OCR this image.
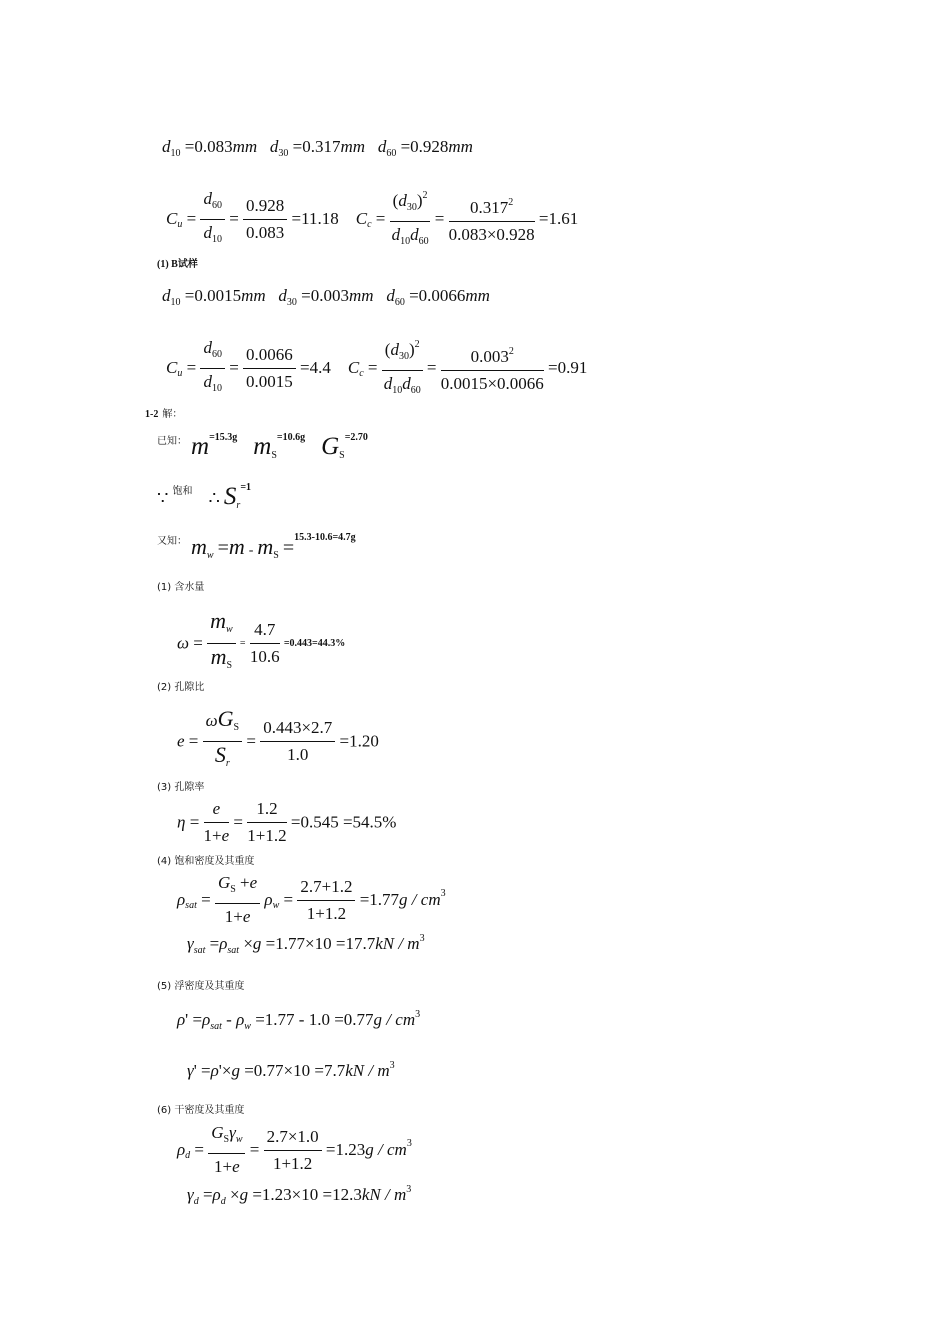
$d_{10} =0.083mm$ $d_{30} =0.317mm$ $d_{60} =0.928mm$
$C_u = \frac{d_{60}}{d_{10}} = \frac{0.928}{0.083} =11.18$ $C_c = \frac{(d_{30})^2}{d_{10}d_{60}} = \frac{0.317^2}{0.083\times 0.928} =1.61$
(1) B试样
$d_{10} =0.0015mm$ $d_{30} =0.003mm$ $d_{60} =0.0066mm$
$C_u = \frac{d_{60}}{d_{10}} = \frac{0.0066}{0.0015} =4.4$ $C_c = \frac{(d_{30})^2}{d_{10}d_{60}} = \frac{0.003^2}{0.0015\times 0.0066} =0.91$
1-2 解：
$^{已知:}$ $m^{=15.3g}$ $m_S^{=10.6g}$ $G_S^{=2.70}$
∵ $^{饱和}$ ∴ $S_r^{=1}$
$^{又知:}$ $m_w =m - m_S =^{15.3-10.6=4.7g}$
(1) 含水量
$\omega = \frac{m_w}{m_S} = \frac{4.7}{10.6} =0.443=44.3\%$
(2) 孔隙比
$e = \frac{\omega G_S}{S_r} = \frac{0.443\times 2.7}{1.0} =1.20$
(3) 孔隙率
$\eta = \frac{e}{1+e} = \frac{1.2}{1+1.2} =0.545 =54.5\%$
(4) 饱和密度及其重度
$\rho_{sat} = \frac{G_S +e}{1+e} \rho_w = \frac{2.7+1.2}{1+1.2} =1.77g / cm^3$
$\gamma_{sat} =\rho_{sat} \times g =1.77\times 10 =17.7kN / m^3$
(5) 浮密度及其重度
$\rho' =\rho_{sat} - \rho_w =1.77 - 1.0 =0.77g / cm^3$
$\gamma' =\rho'\times g =0.77\times 10 =7.7kN / m^3$
(6) 干密度及其重度
$\rho_d = \frac{G_S\gamma_w}{1+e} = \frac{2.7\times 1.0}{1+1.2} =1.23g / cm^3$
$\gamma_d =\rho_d \times g =1.23\times 10 =12.3kN / m^3$
